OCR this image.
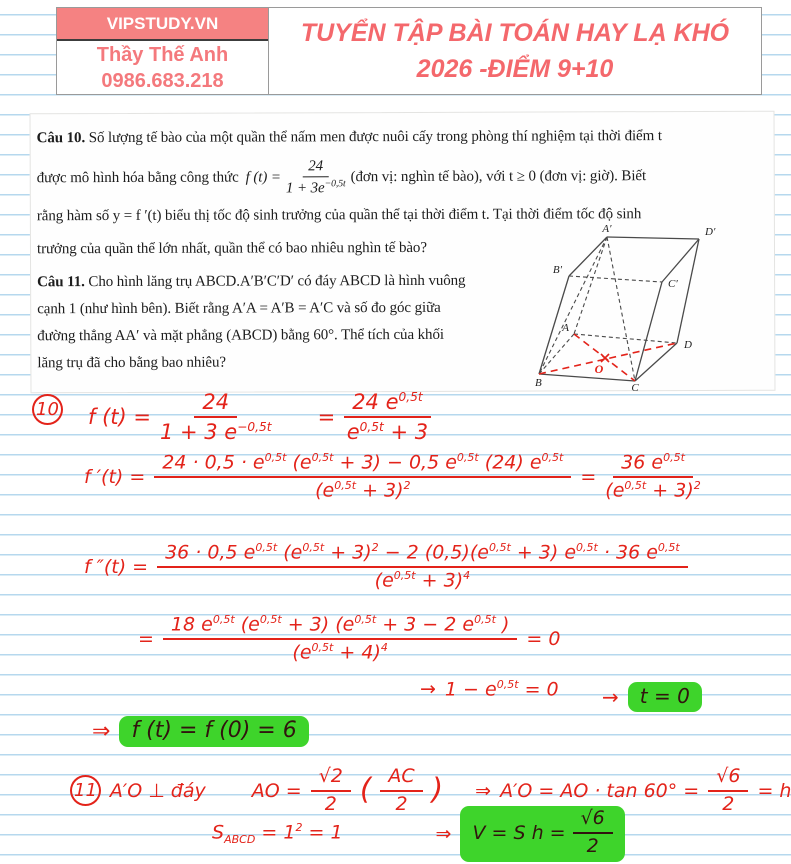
VIPSTUDY.VN
Thầy Thế Anh
0986.683.218
TUYỂN TẬP BÀI TOÁN HAY LẠ KHÓ
2026 -ĐIỂM 9+10
Câu 10. Số lượng tế bào của một quần thể nấm men được nuôi cấy trong phòng thí nghiệm tại thời điểm t
được mô hình hóa bằng công thức f $(t) = \frac{24}{1 + 3e^{-0,5t}}$ (đơn vị: nghìn tế bào), với t ≥ 0 (đơn vị: giờ). Biết
rằng hàm số y = f ′(t) biểu thị tốc độ sinh trưởng của quần thể tại thời điểm t. Tại thời điểm tốc độ sinh
trưởng của quần thể lớn nhất, quần thể có bao nhiêu nghìn tế bào?
Câu 11. Cho hình lăng trụ ABCD.A′B′C′D′ có đáy ABCD là hình vuông
cạnh 1 (như hình bên). Biết rằng A′A = A′B = A′C và số đo góc giữa
đường thẳng AA′ và mặt phẳng (ABCD) bằng 60°. Thể tích của khối
lăng trụ đã cho bằng bao nhiêu?
A′	D′
B′
C′
A
D
B	C
O
10 f $(t) = \frac{24}{1 + 3 e^{-0,5t}} = \frac{24 e^{0,5t}}{e^{0,5t} + 3}$
f $'(t) = \frac{24 \cdot 0,5 \cdot e^{0,5t} (e^{0,5t} + 3) - 0,5 e^{0,5t} (24) e^{0,5t}}{(e^{0,5t} + 3)^2} = \frac{36 e^{0,5t}}{(e^{0,5t} + 3)^2}$
f ″(t) =
36 · 0,5 $e^{0,5t}$ $(e^{0,5t} + 3)^2 - 2$ $(0,5)(e^{0,5t} + 3) e^{0,5t} \cdot 36$ $e^{0,5t}$
$(e^{0,5t} + 3)^4$
= $\frac{18 e^{0,5t} (e^{0,5t} + 3) (e^{0,5t} + 3 - 2 e^{0,5t} )}{(e^{0,5t} + 4)^4} = 0$
→ $1 - e^{0,5t} = 0 \to t = 0$
⇒ f (t) = f (0) = 6
11 A′O ⊥ đáy AO = $\frac{√2}{2}$ ( $\frac{AC}{2}$ ) ⇒ A′O = AO · $\tan 60^\circ = \frac{√6}{2} = h$
$S_{ABCD} = 1^2 = 1$	⇒ V = S $h = \frac{√6}{2}$
